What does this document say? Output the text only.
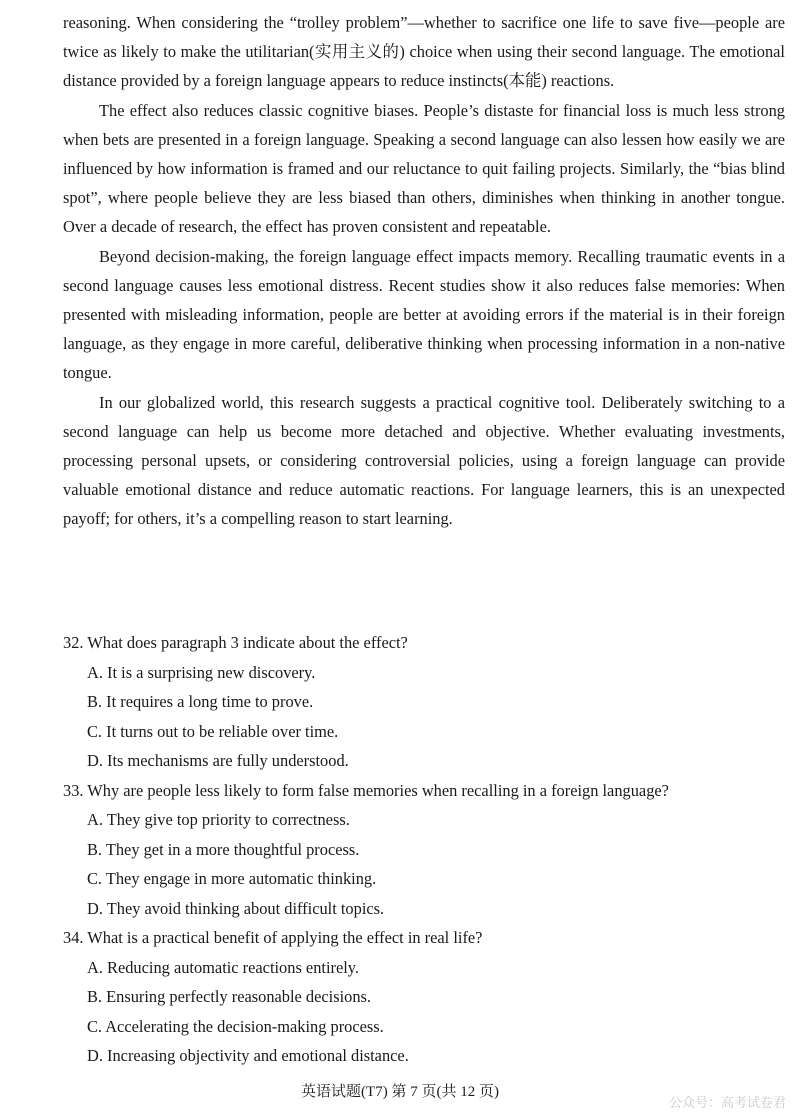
reasoning. When considering the “trolley problem”—whether to sacrifice one life to save five—people are twice as likely to make the utilitarian(实用主义的) choice when using their second language. The emotional distance provided by a foreign language appears to reduce instincts(本能) reactions.

The effect also reduces classic cognitive biases. People’s distaste for financial loss is much less strong when bets are presented in a foreign language. Speaking a second language can also lessen how easily we are influenced by how information is framed and our reluctance to quit failing projects. Similarly, the “bias blind spot”, where people believe they are less biased than others, diminishes when thinking in another tongue. Over a decade of research, the effect has proven consistent and repeatable.

Beyond decision-making, the foreign language effect impacts memory. Recalling traumatic events in a second language causes less emotional distress. Recent studies show it also reduces false memories: When presented with misleading information, people are better at avoiding errors if the material is in their foreign language, as they engage in more careful, deliberative thinking when processing information in a non-native tongue.

In our globalized world, this research suggests a practical cognitive tool. Deliberately switching to a second language can help us become more detached and objective. Whether evaluating investments, processing personal upsets, or considering controversial policies, using a foreign language can provide valuable emotional distance and reduce automatic reactions. For language learners, this is an unexpected payoff; for others, it’s a compelling reason to start learning.

32. What does paragraph 3 indicate about the effect?
A. It is a surprising new discovery.
B. It requires a long time to prove.
C. It turns out to be reliable over time.
D. Its mechanisms are fully understood.
33. Why are people less likely to form false memories when recalling in a foreign language?
A. They give top priority to correctness.
B. They get in a more thoughtful process.
C. They engage in more automatic thinking.
D. They avoid thinking about difficult topics.
34. What is a practical benefit of applying the effect in real life?
A. Reducing automatic reactions entirely.
B. Ensuring perfectly reasonable decisions.
C. Accelerating the decision-making process.
D. Increasing objectivity and emotional distance.
英语试题(T7) 第 7 页(共 12 页)
公众号：高考试卷君
